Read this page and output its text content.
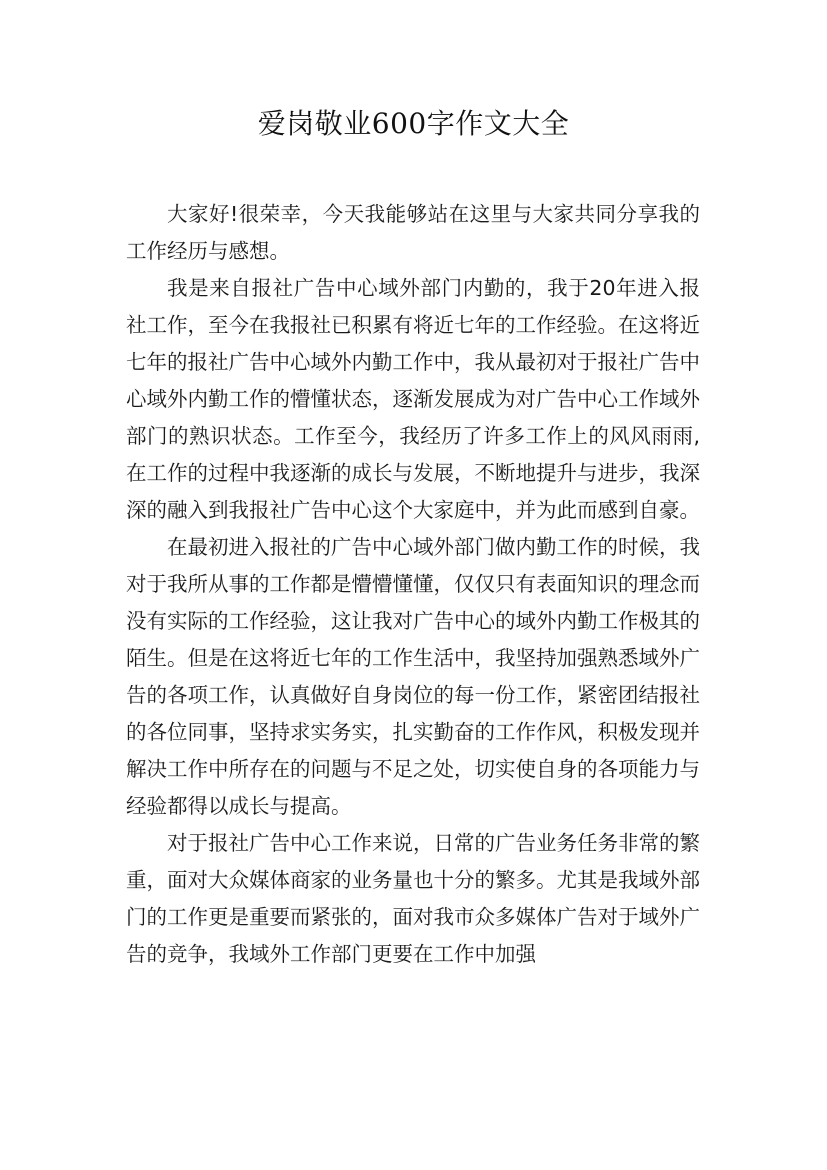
爱岗敬业600字作文大全

大家好!很荣幸，今天我能够站在这里与大家共同分享我的工作经历与感想。

我是来自报社广告中心域外部门内勤的，我于20年进入报社工作，至今在我报社已积累有将近七年的工作经验。在这将近七年的报社广告中心域外内勤工作中，我从最初对于报社广告中心域外内勤工作的懵懂状态，逐渐发展成为对广告中心工作域外部门的熟识状态。工作至今，我经历了许多工作上的风风雨雨,在工作的过程中我逐渐的成长与发展，不断地提升与进步，我深深的融入到我报社广告中心这个大家庭中，并为此而感到自豪。

在最初进入报社的广告中心域外部门做内勤工作的时候，我对于我所从事的工作都是懵懵懂懂，仅仅只有表面知识的理念而没有实际的工作经验，这让我对广告中心的域外内勤工作极其的陌生。但是在这将近七年的工作生活中，我坚持加强熟悉域外广告的各项工作，认真做好自身岗位的每一份工作，紧密团结报社的各位同事，坚持求实务实，扎实勤奋的工作作风，积极发现并解决工作中所存在的问题与不足之处，切实使自身的各项能力与经验都得以成长与提高。

对于报社广告中心工作来说，日常的广告业务任务非常的繁重，面对大众媒体商家的业务量也十分的繁多。尤其是我域外部门的工作更是重要而紧张的，面对我市众多媒体广告对于域外广告的竞争，我域外工作部门更要在工作中加强
